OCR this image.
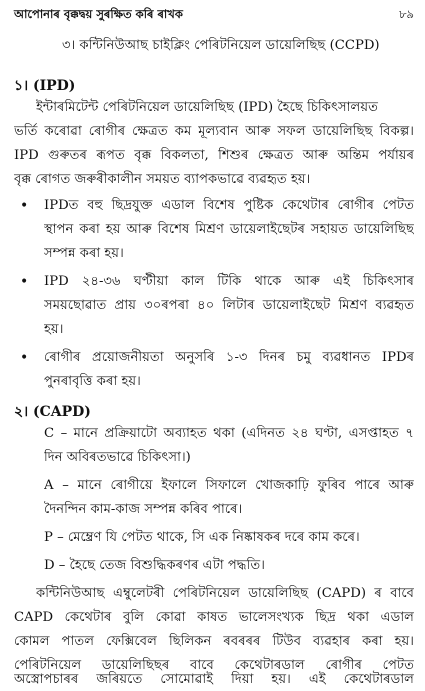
আপোনাৰ বৃক্কদ্বয় সুৰক্ষিত কৰি ৰাখক	৮৯
৩। কন্টিনিউআছ চাইক্লিং পেৰিটনিয়েল ডায়েলিছিছ (CCPD)
১। (IPD)
ইন্টাৰমিটেন্ট পেৰিটনিয়েল ডায়েলিছিছ (IPD) হৈছে চিকিৎসালয়ত
ভৰ্তি কৰোৱা ৰোগীৰ ক্ষেত্ৰত কম মূল্যবান আৰু সফল ডায়েলিছিছ বিকল্প।
IPD গুৰুতৰ ৰূপত বৃক্ক বিকলতা, শিশুৰ ক্ষেত্ৰত আৰু অন্তিম পৰ্যায়ৰ
বৃক্ক ৰোগত জৰুৰীকালীন সময়ত ব্যাপকভাৱে ব্যৱহৃত হয়।
• IPDত বহু ছিদ্ৰযুক্ত এডাল বিশেষ পুষ্টিক কেথেটাৰ ৰোগীৰ পেটত
স্থাপন কৰা হয় আৰু বিশেষ মিশ্ৰণ ডায়েলাইছেটৰ সহায়ত ডায়েলিছিছ
সম্পন্ন কৰা হয়।
• IPD ২৪-৩৬ ঘণ্টীয়া কাল টিকি থাকে আৰু এই চিকিৎসাৰ
সময়ছোৱাত প্ৰায় ৩০ৰপৰা ৪০ লিটাৰ ডায়েলাইছেট মিশ্ৰণ ব্যৱহৃত
হয়।
• ৰোগীৰ প্ৰয়োজনীয়তা অনুসৰি ১-৩ দিনৰ চমু ব্যৱধানত IPDৰ
পুনৰাবৃত্তি কৰা হয়।
২। (CAPD)
C – মানে প্ৰক্ৰিয়াটো অব্যাহত থকা (এদিনত ২৪ ঘণ্টা, এসপ্তাহত ৭
দিন অবিৰতভাৱে চিকিৎসা।)
A – মানে ৰোগীয়ে ইফালে সিফালে খোজকাঢ়ি ফুৰিব পাৰে আৰু
দৈনন্দিন কাম-কাজ সম্পন্ন কৰিব পাৰে।
P – মেম্ব্ৰেণ যি পেটত থাকে, সি এক নিষ্কাষকৰ দৰে কাম কৰে।
D – হৈছে তেজ বিশুদ্ধিকৰণৰ এটা পদ্ধতি।
কন্টিনিউআছ এম্বুলেটৰী পেৰিটনিয়েল ডায়েলিছিছ (CAPD) ৰ বাবে
CAPD কেথেটাৰ বুলি কোৱা কাষত ভালেসংখ্যক ছিদ্ৰ থকা এডাল
কোমল পাতল ফেক্সিবেল ছিলিকন ৰবৰৰৰ টিউব ব্যৱহাৰ কৰা হয়।
পেৰিটনিয়েল ডায়েলিছিছৰ বাবে কেথেটাৰডাল ৰোগীৰ পেটত
অস্ত্ৰোপচাৰৰ জৰিয়তে সোমোৱাই দিয়া হয়। এই কেথেটাৰডাল
